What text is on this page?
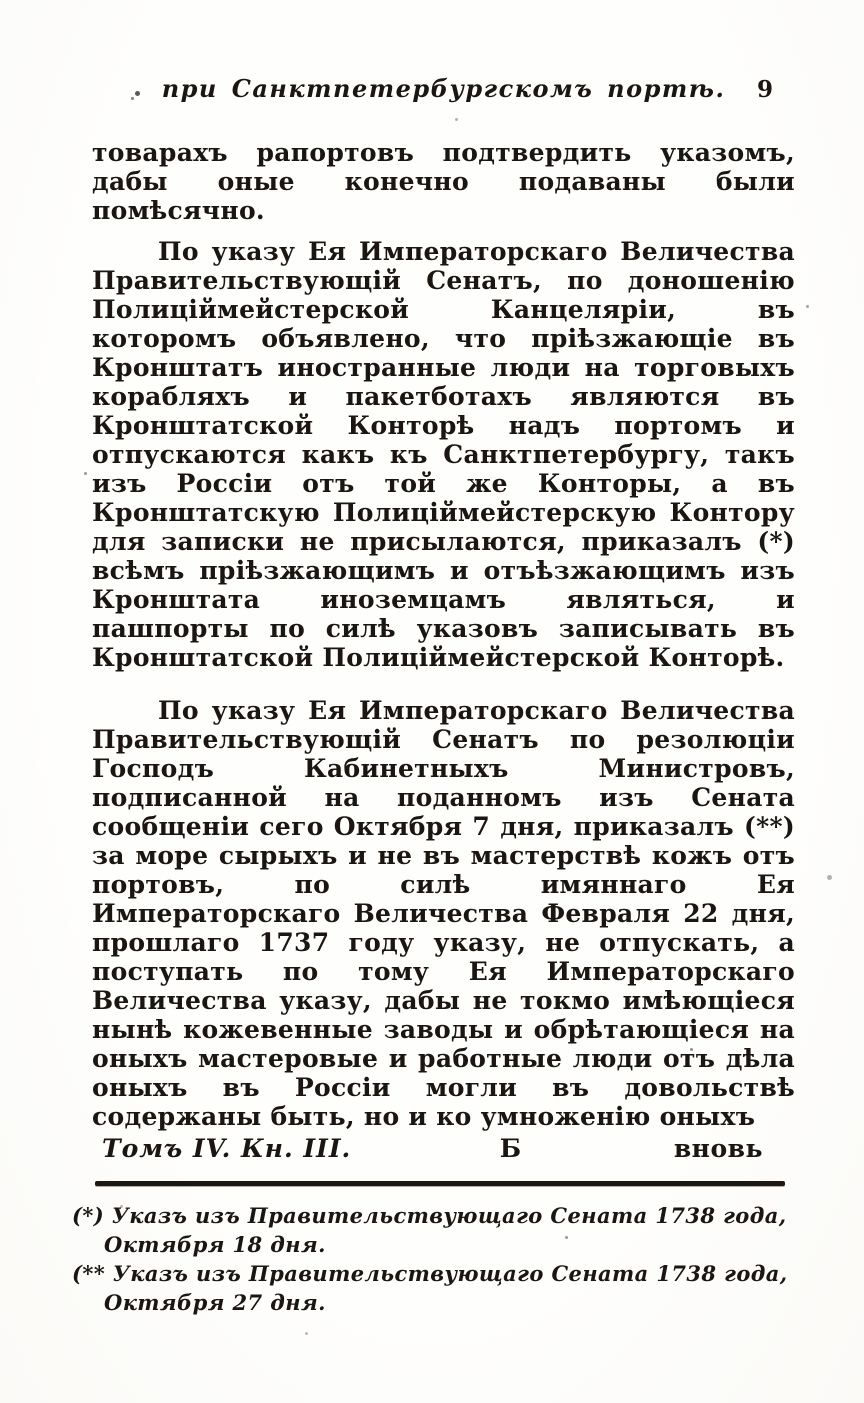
при Санктпетербургскомъ портѣ. 9

товарахъ рапортовъ подтвердить указомъ, дабы оные конечно подаваны были помѣсячно.

По указу Ея Императорскаго Величества Правительствующій Сенатъ, по доношенію Полиціймейстерской Канцеляріи, въ которомъ объявлено, что пріѣзжающіе въ Кронштатъ иностранные люди на торговыхъ корабляхъ и пакетботахъ являются въ Кронштатской Конторѣ надъ портомъ и отпускаются какъ къ Санктпетербургу, такъ изъ Россіи отъ той же Конторы, а въ Кронштатскую Полиціймейстерскую Контору для записки не присылаются, приказалъ (*) всѣмъ пріѣзжающимъ и отъѣзжающимъ изъ Кронштата иноземцамъ являться, и пашпорты по силѣ указовъ записывать въ Кронштатской Полиціймейстерской Конторѣ.

По указу Ея Императорскаго Величества Правительствующій Сенатъ по резолюціи Господъ Кабинетныхъ Министровъ, подписанной на поданномъ изъ Сената сообщеніи сего Октября 7 дня, приказалъ (**) за море сырыхъ и не въ мастерствѣ кожъ отъ портовъ, по силѣ имяннаго Ея Императорскаго Величества Февраля 22 дня, прошлаго 1737 году указу, не отпускать, а поступать по тому Ея Императорскаго Величества указу, дабы не токмо имѣющіеся нынѣ кожевенные заводы и обрѣтающіеся на оныхъ мастеровые и работные люди отъ дѣла оныхъ въ Россіи могли въ довольствѣ содержаны быть, но и ко умноженію оныхъ

Томъ IV. Кн. III.	Б	вновь
(*) Указъ изъ Правительствующаго Сената 1738 года,
Октября 18 дня.
(** Указъ изъ Правительствующаго Сената 1738 года,
Октября 27 дня.
